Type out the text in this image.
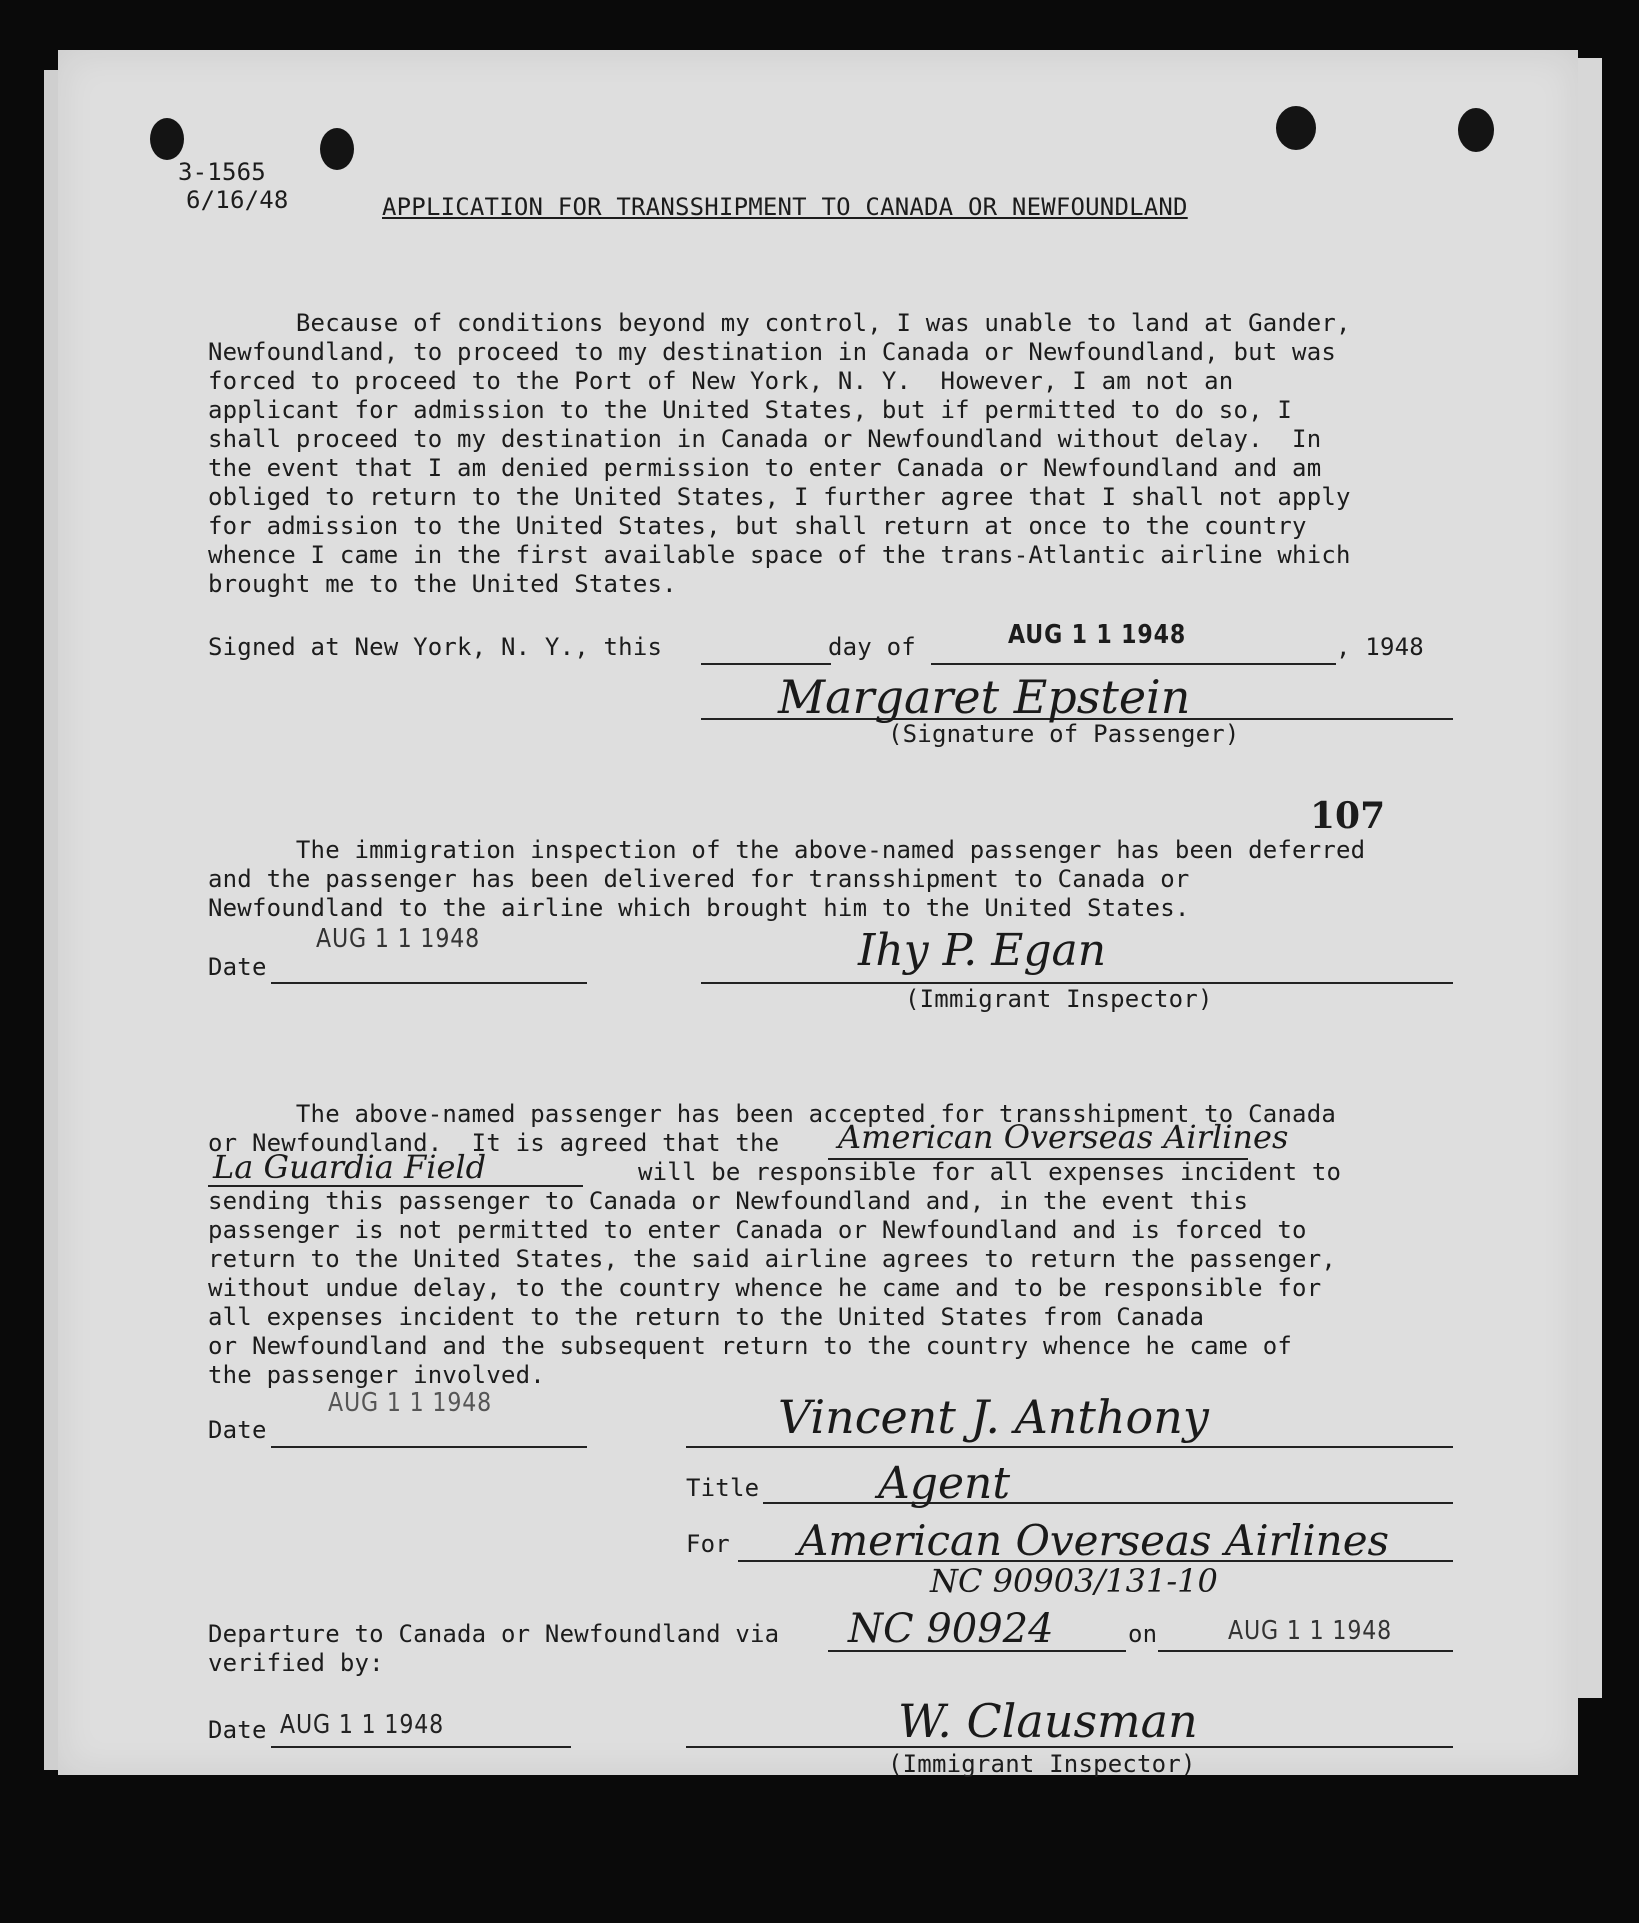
3-1565
6/16/48	APPLICATION FOR TRANSSHIPMENT TO CANADA OR NEWFOUNDLAND
Because of conditions beyond my control, I was unable to land at Gander,
Newfoundland, to proceed to my destination in Canada or Newfoundland, but was
forced to proceed to the Port of New York, N. Y.  However, I am not an
applicant for admission to the United States, but if permitted to do so, I
shall proceed to my destination in Canada or Newfoundland without delay.  In
the event that I am denied permission to enter Canada or Newfoundland and am
obliged to return to the United States, I further agree that I shall not apply
for admission to the United States, but shall return at once to the country
whence I came in the first available space of the trans-Atlantic airline which
brought me to the United States.
Signed at New York, N. Y., this	day of	AUG 1 1 1948	, 1948
Margaret Epstein
(Signature of Passenger)
107
The immigration inspection of the above-named passenger has been deferred
and the passenger has been delivered for transshipment to Canada or
Newfoundland to the airline which brought him to the United States.
AUG 1 1 1948
Date	Ihy P. Egan
(Immigrant Inspector)
The above-named passenger has been accepted for transshipment to Canada
or Newfoundland.  It is agreed that the American Overseas Airlines
La Guardia Field	will be responsible for all expenses incident to
sending this passenger to Canada or Newfoundland and, in the event this
passenger is not permitted to enter Canada or Newfoundland and is forced to
return to the United States, the said airline agrees to return the passenger,
without undue delay, to the country whence he came and to be responsible for
all expenses incident to the return to the United States from Canada
or Newfoundland and the subsequent return to the country whence he came of
the passenger involved.
AUG 1 1 1948
Date	Vincent J. Anthony
Title	Agent
For American Overseas Airlines
NC 90903/131-10
Departure to Canada or Newfoundland via NC 90924	on	AUG 1 1 1948
verified by:
Date AUG 1 1 1948	W. Clausman
(Immigrant Inspector)
